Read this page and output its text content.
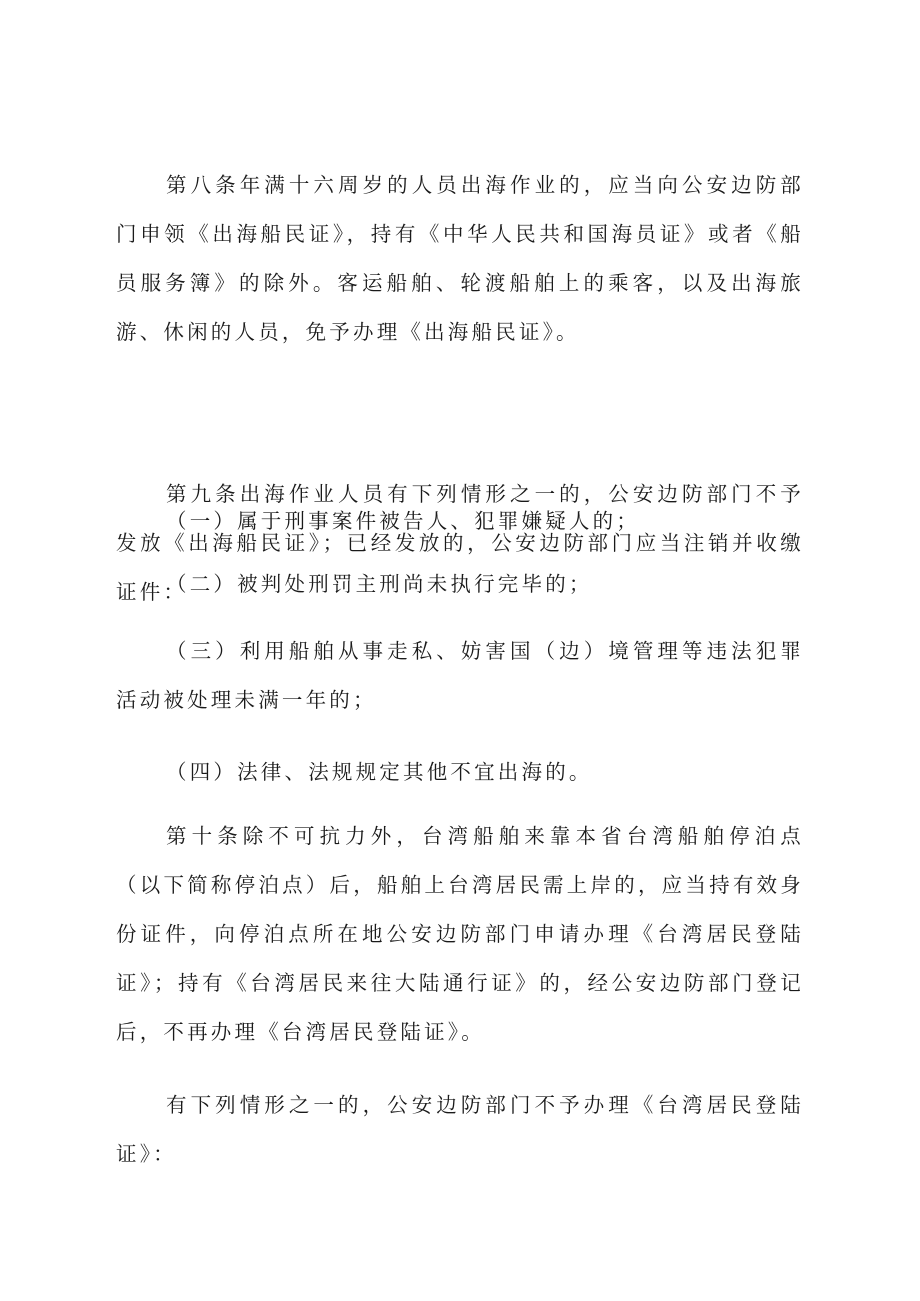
第八条年满十六周岁的人员出海作业的，应当向公安边防部门申领《出海船民证》，持有《中华人民共和国海员证》或者《船员服务簿》的除外。客运船舶、轮渡船舶上的乘客，以及出海旅游、休闲的人员，免予办理《出海船民证》。

第九条出海作业人员有下列情形之一的，公安边防部门不予发放《出海船民证》；已经发放的，公安边防部门应当注销并收缴证件：

（一）属于刑事案件被告人、犯罪嫌疑人的；

（二）被判处刑罚主刑尚未执行完毕的；

（三）利用船舶从事走私、妨害国（边）境管理等违法犯罪活动被处理未满一年的；

（四）法律、法规规定其他不宜出海的。

第十条除不可抗力外，台湾船舶来靠本省台湾船舶停泊点（以下简称停泊点）后，船舶上台湾居民需上岸的，应当持有效身份证件，向停泊点所在地公安边防部门申请办理《台湾居民登陆证》；持有《台湾居民来往大陆通行证》的，经公安边防部门登记后，不再办理《台湾居民登陆证》。

有下列情形之一的，公安边防部门不予办理《台湾居民登陆证》：
